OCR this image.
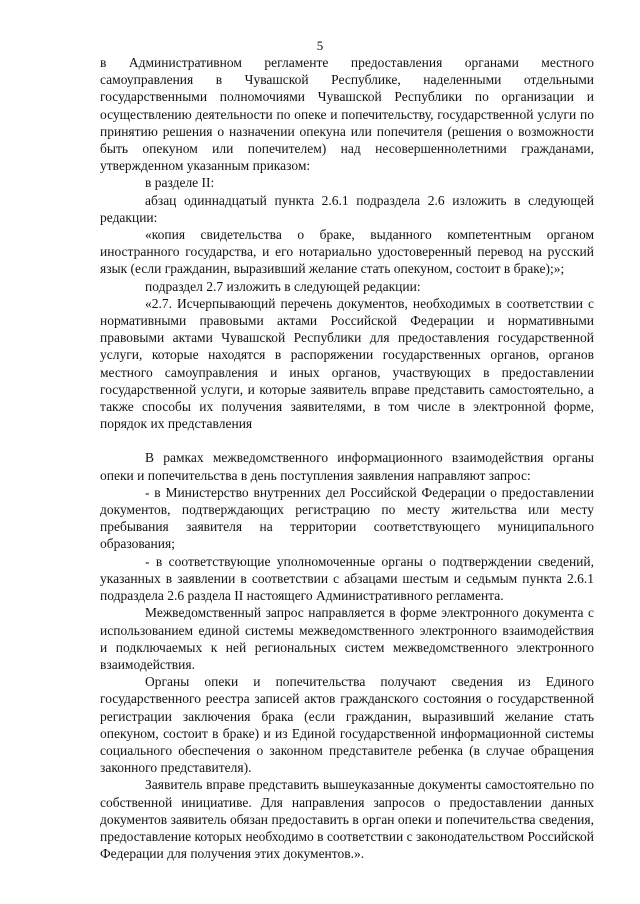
5

в Административном регламенте предоставления органами местного самоуправления в Чувашской Республике, наделенными отдельными государственными полномочиями Чувашской Республики по организации и осуществлению деятельности по опеке и попечительству, государственной услуги по принятию решения о назначении опекуна или попечителя (решения о возможности быть опекуном или попечителем) над несовершеннолетними гражданами, утвержденном указанным приказом:

в разделе II:

абзац одиннадцатый пункта 2.6.1 подраздела 2.6 изложить в следующей редакции:

«копия свидетельства о браке, выданного компетентным органом иностранного государства, и его нотариально удостоверенный перевод на русский язык (если гражданин, выразивший желание стать опекуном, состоит в браке);»;

подраздел 2.7 изложить в следующей редакции:

«2.7. Исчерпывающий перечень документов, необходимых в соответствии с нормативными правовыми актами Российской Федерации и нормативными правовыми актами Чувашской Республики для предоставления государственной услуги, которые находятся в распоряжении государственных органов, органов местного самоуправления и иных органов, участвующих в предоставлении государственной услуги, и которые заявитель вправе представить самостоятельно, а также способы их получения заявителями, в том числе в электронной форме, порядок их представления

В рамках межведомственного информационного взаимодействия органы опеки и попечительства в день поступления заявления направляют запрос:

- в Министерство внутренних дел Российской Федерации о предоставлении документов, подтверждающих регистрацию по месту жительства или месту пребывания заявителя на территории соответствующего муниципального образования;

- в соответствующие уполномоченные органы о подтверждении сведений, указанных в заявлении в соответствии с абзацами шестым и седьмым пункта 2.6.1 подраздела 2.6 раздела II настоящего Административного регламента.

Межведомственный запрос направляется в форме электронного документа с использованием единой системы межведомственного электронного взаимодействия и подключаемых к ней региональных систем межведомственного электронного взаимодействия.

Органы опеки и попечительства получают сведения из Единого государственного реестра записей актов гражданского состояния о государственной регистрации заключения брака (если гражданин, выразивший желание стать опекуном, состоит в браке) и из Единой государственной информационной системы социального обеспечения о законном представителе ребенка (в случае обращения законного представителя).

Заявитель вправе представить вышеуказанные документы самостоятельно по собственной инициативе. Для направления запросов о предоставлении данных документов заявитель обязан предоставить в орган опеки и попечительства сведения, предоставление которых необходимо в соответствии с законодательством Российской Федерации для получения этих документов.».
